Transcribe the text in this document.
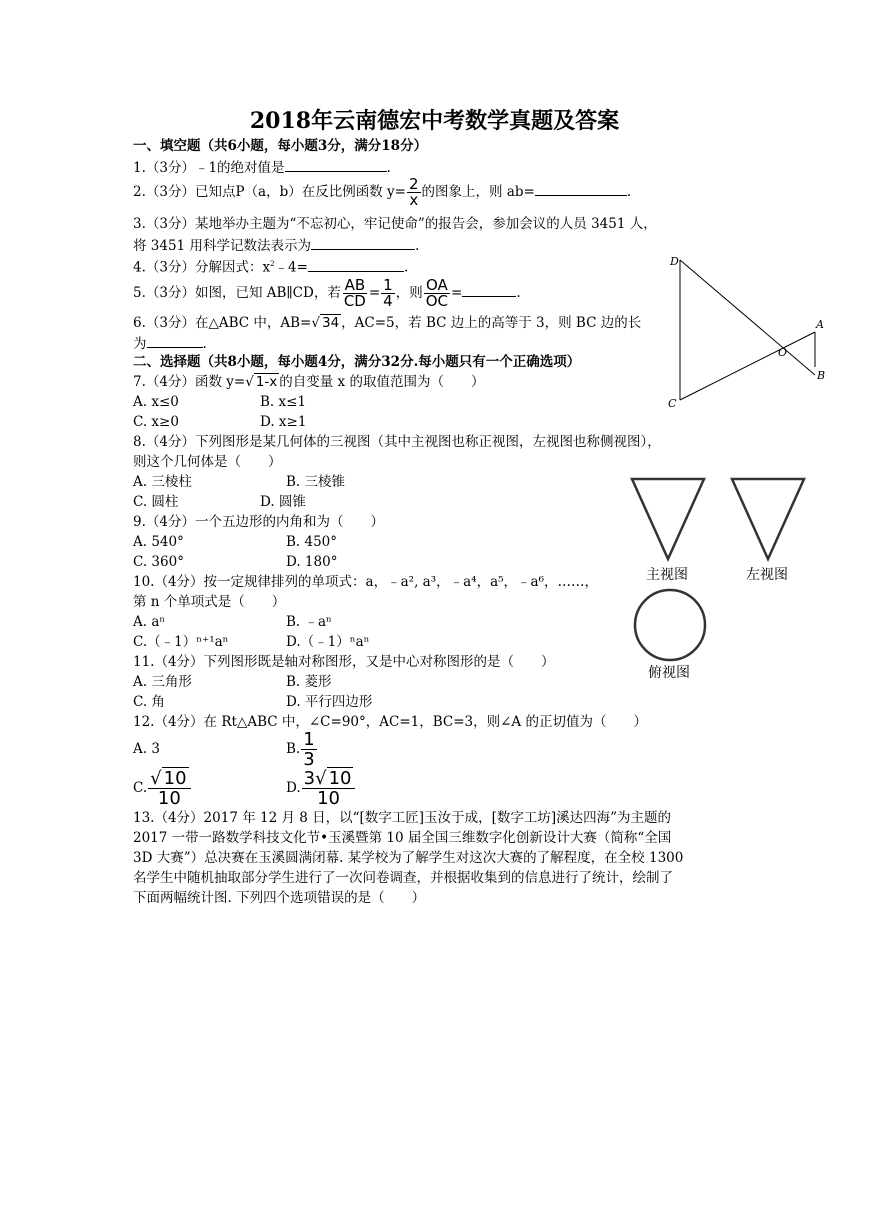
2018年云南德宏中考数学真题及答案
一、填空题（共6小题，每小题3分，满分18分）
1.（3分）﹣1的绝对值是	.
2.（3分）已知点P（a，b）在反比例函数 $y= \frac{2}{x}$ 的图象上，则 ab=	.
3.（3分）某地举办主题为“不忘初心，牢记使命”的报告会，参加会议的人员 3451 人，
将 3451 用科学记数法表示为	.
4.（3分）分解因式：$x^2﹣4=$	.
5.（3分）如图，已知 AB∥CD，若 $\frac{AB}{CD} = \frac{1}{4}$ ，则 $\frac{OA}{OC}$ =	.
6.（3分）在△ABC 中，AB=√ 34 ，AC=5，若 BC 边上的高等于 3，则 BC 边的长
为	.
二、选择题（共8小题，每小题4分，满分32分.每小题只有一个正确选项）
7.（4分）函数 y=√ 1-x 的自变量 x 的取值范围为（　　）
A. x≤0	B. x≤1
C. x≥0	D. x≥1
8.（4分）下列图形是某几何体的三视图（其中主视图也称正视图，左视图也称侧视图），
则这个几何体是（　　）
A. 三棱柱	B. 三棱锥
C. 圆柱	D. 圆锥
9.（4分）一个五边形的内角和为（　　）
A. 540°	B. 450°
C. 360°	D. 180°
10.（4分）按一定规律排列的单项式：a，﹣a², a³，﹣a⁴，a⁵，﹣a⁶，……，
第 n 个单项式是（　　）
A. aⁿ	B. ﹣aⁿ
C.（﹣1）ⁿ⁺¹aⁿ	D.（﹣1）ⁿaⁿ
11.（4分）下列图形既是轴对称图形，又是中心对称图形的是（　　）
A. 三角形	B. 菱形
C. 角	D. 平行四边形
12.（4分）在 Rt△ABC 中，∠C=90°，AC=1，BC=3，则∠A 的正切值为（　　）
A. 3	B. $\frac{1}{3}$
C. $\frac{√ 10}{10}$	D. $\frac{3√ 10}{10}$
13.（4分）2017 年 12 月 8 日，以“[数字工匠]玉汝于成，[数字工坊]溪达四海”为主题的
2017 一带一路数学科技文化节•玉溪暨第 10 届全国三维数字化创新设计大赛（简称“全国
3D 大赛”）总决赛在玉溪圆满闭幕. 某学校为了解学生对这次大赛的了解程度，在全校 1300
名学生中随机抽取部分学生进行了一次问卷调查，并根据收集到的信息进行了统计，绘制了
下面两幅统计图. 下列四个选项错误的是（　　）
D
A
O
B
C
主视图	左视图
俯视图
